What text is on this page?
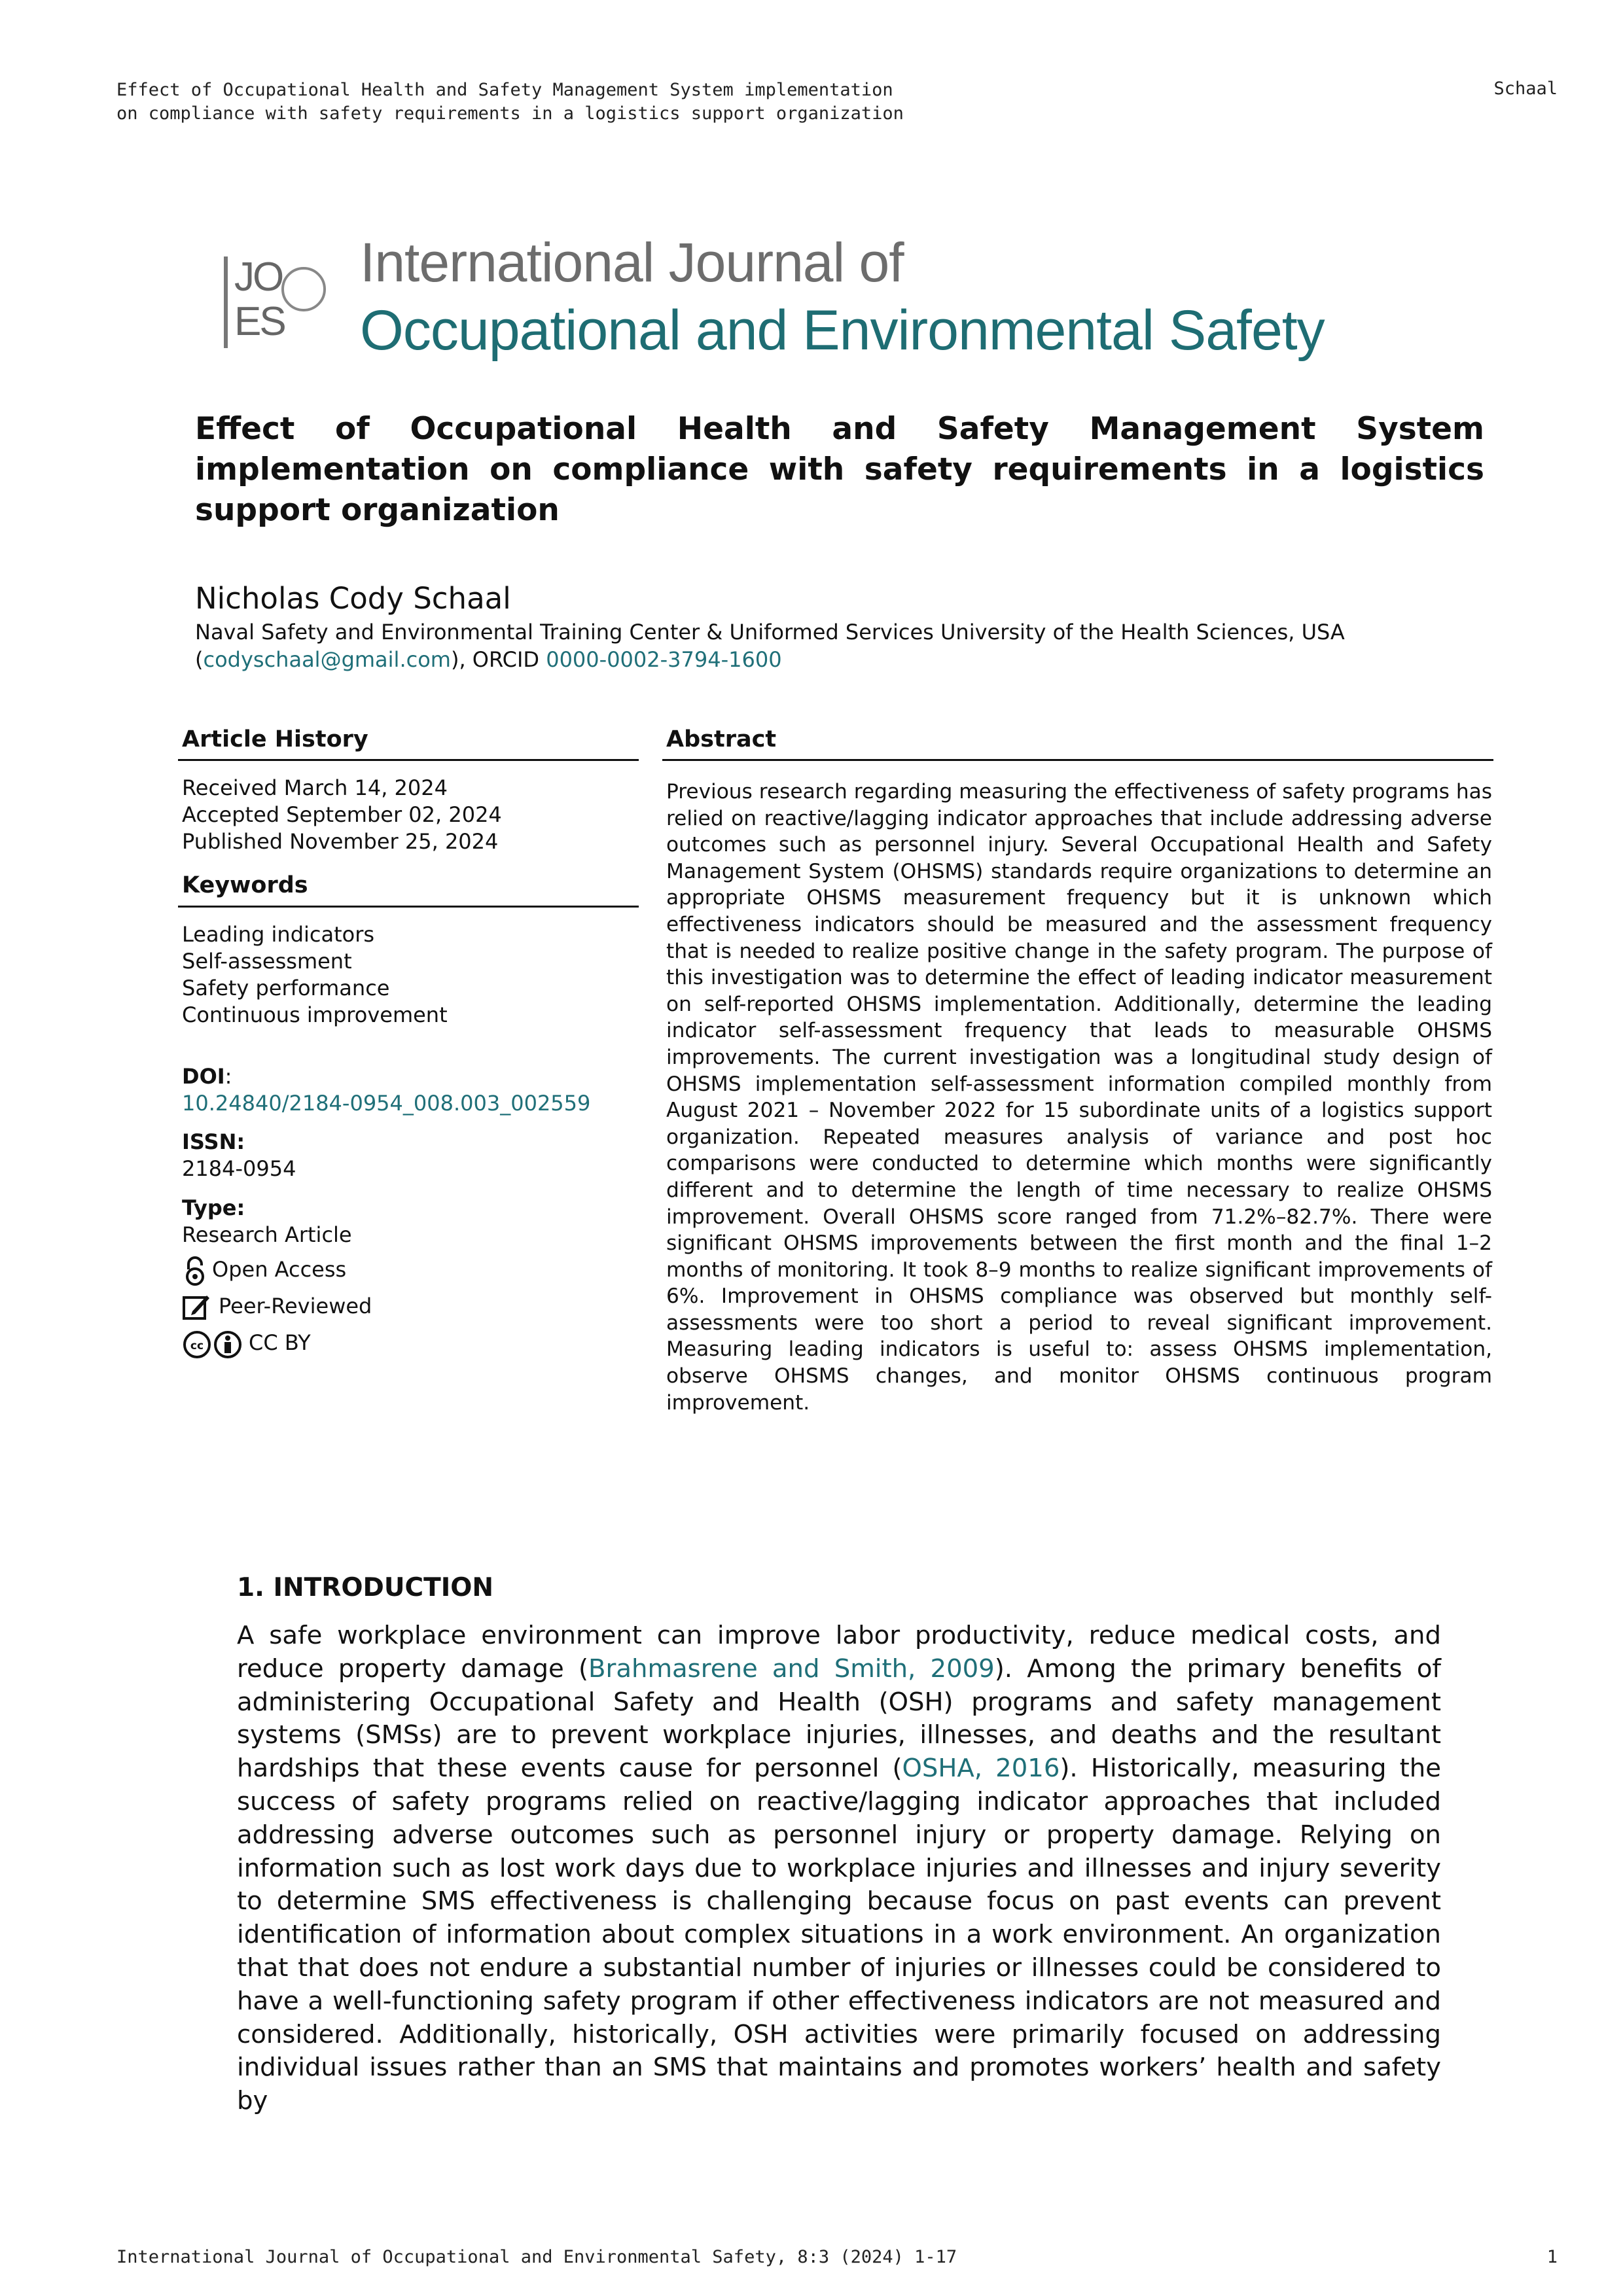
Effect of Occupational Health and Safety Management System implementation
on compliance with safety requirements in a logistics support organization
Schaal
JO
ES
International Journal of
Occupational and Environmental Safety
Effect of Occupational Health and Safety Management System implementation on compliance with safety requirements in a logistics support organization
Nicholas Cody Schaal
Naval Safety and Environmental Training Center & Uniformed Services University of the Health Sciences, USA
(codyschaal@gmail.com), ORCID 0000-0002-3794-1600
Article History
Received March 14, 2024
Accepted September 02, 2024
Published November 25, 2024
Keywords
Leading indicators
Self-assessment
Safety performance
Continuous improvement
DOI:
10.24840/2184-0954_008.003_002559
ISSN:
2184-0954
Type:
Research Article
Open Access
Peer-Reviewed
cc CC BY
Abstract
Previous research regarding measuring the effectiveness of safety programs has relied on reactive/lagging indicator approaches that include addressing adverse outcomes such as personnel injury. Several Occupational Health and Safety Management System (OHSMS) standards require organizations to determine an appropriate OHSMS measurement frequency but it is unknown which effectiveness indicators should be measured and the assessment frequency that is needed to realize positive change in the safety program. The purpose of this investigation was to determine the effect of leading indicator measurement on self-reported OHSMS implementation. Additionally, determine the leading indicator self-assessment frequency that leads to measurable OHSMS improvements. The current investigation was a longitudinal study design of OHSMS implementation self-assessment information compiled monthly from August 2021 – November 2022 for 15 subordinate units of a logistics support organization. Repeated measures analysis of variance and post hoc comparisons were conducted to determine which months were significantly different and to determine the length of time necessary to realize OHSMS improvement. Overall OHSMS score ranged from 71.2%–82.7%. There were significant OHSMS improvements between the first month and the final 1–2 months of monitoring. It took 8–9 months to realize significant improvements of 6%. Improvement in OHSMS compliance was observed but monthly self-assessments were too short a period to reveal significant improvement. Measuring leading indicators is useful to: assess OHSMS implementation, observe OHSMS changes, and monitor OHSMS continuous program improvement.
1. INTRODUCTION
A safe workplace environment can improve labor productivity, reduce medical costs, and reduce property damage (Brahmasrene and Smith, 2009). Among the primary benefits of administering Occupational Safety and Health (OSH) programs and safety management systems (SMSs) are to prevent workplace injuries, illnesses, and deaths and the resultant hardships that these events cause for personnel (OSHA, 2016). Historically, measuring the success of safety programs relied on reactive/lagging indicator approaches that included addressing adverse outcomes such as personnel injury or property damage. Relying on information such as lost work days due to workplace injuries and illnesses and injury severity to determine SMS effectiveness is challenging because focus on past events can prevent identification of information about complex situations in a work environment. An organization that that does not endure a substantial number of injuries or illnesses could be considered to have a well-functioning safety program if other effectiveness indicators are not measured and considered. Additionally, historically, OSH activities were primarily focused on addressing individual issues rather than an SMS that maintains and promotes workers’ health and safety by
International Journal of Occupational and Environmental Safety, 8:3 (2024) 1-17	1
